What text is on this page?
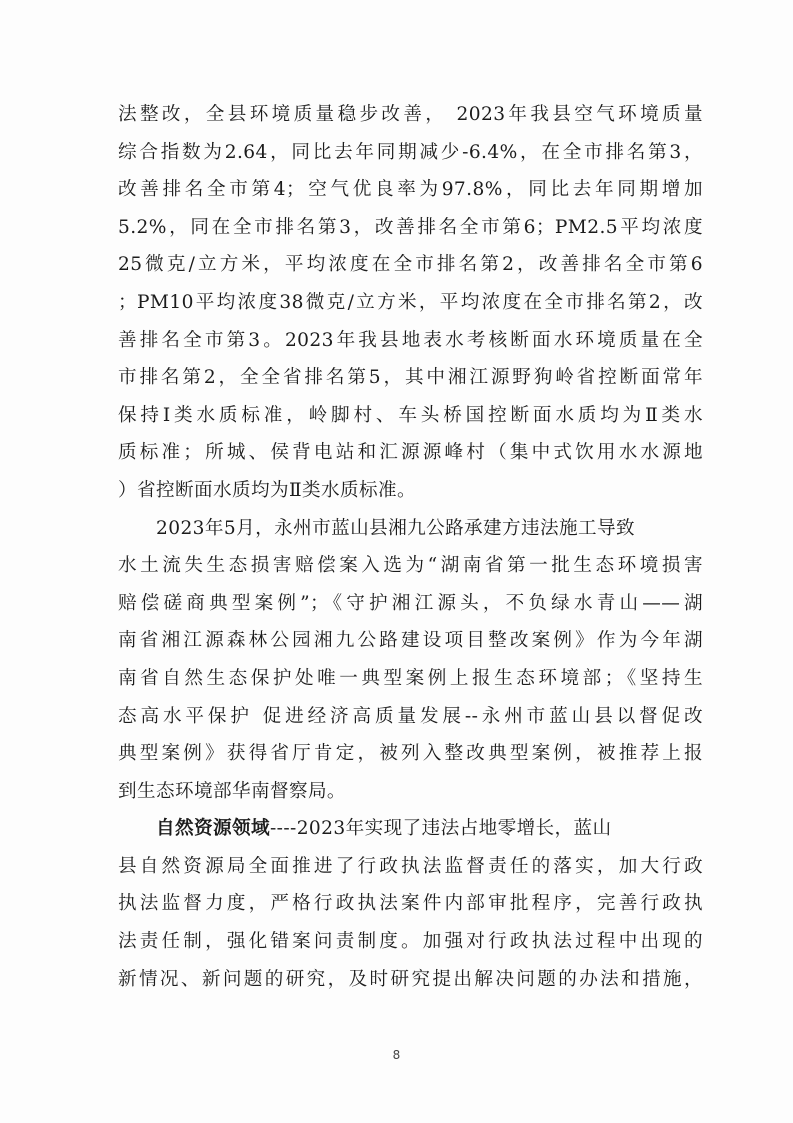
法整改，全县环境质量稳步改善， 2023年我县空气环境质量
综合指数为2.64，同比去年同期减少-6.4%，在全市排名第3，
改善排名全市第4；空气优良率为97.8%，同比去年同期增加
5.2%，同在全市排名第3，改善排名全市第6；PM2.5平均浓度
25微克/立方米，平均浓度在全市排名第2，改善排名全市第6
；PM10平均浓度38微克/立方米，平均浓度在全市排名第2，改
善排名全市第3。2023年我县地表水考核断面水环境质量在全
市排名第2，全全省排名第5，其中湘江源野狗岭省控断面常年
保持Ⅰ类水质标准，岭脚村、车头桥国控断面水质均为Ⅱ类水
质标准；所城、侯背电站和汇源源峰村（集中式饮用水水源地
）省控断面水质均为Ⅱ类水质标准。
　　2023年5月，永州市蓝山县湘九公路承建方违法施工导致
水土流失生态损害赔偿案入选为“湖南省第一批生态环境损害
赔偿磋商典型案例”；《守护湘江源头，不负绿水青山——湖
南省湘江源森林公园湘九公路建设项目整改案例》作为今年湖
南省自然生态保护处唯一典型案例上报生态环境部；《坚持生
态高水平保护 促进经济高质量发展--永州市蓝山县以督促改
典型案例》获得省厅肯定，被列入整改典型案例，被推荐上报
到生态环境部华南督察局。
　　自然资源领域----2023年实现了违法占地零增长，蓝山
县自然资源局全面推进了行政执法监督责任的落实，加大行政
执法监督力度，严格行政执法案件内部审批程序，完善行政执
法责任制，强化错案问责制度。加强对行政执法过程中出现的
新情况、新问题的研究，及时研究提出解决问题的办法和措施，
8
